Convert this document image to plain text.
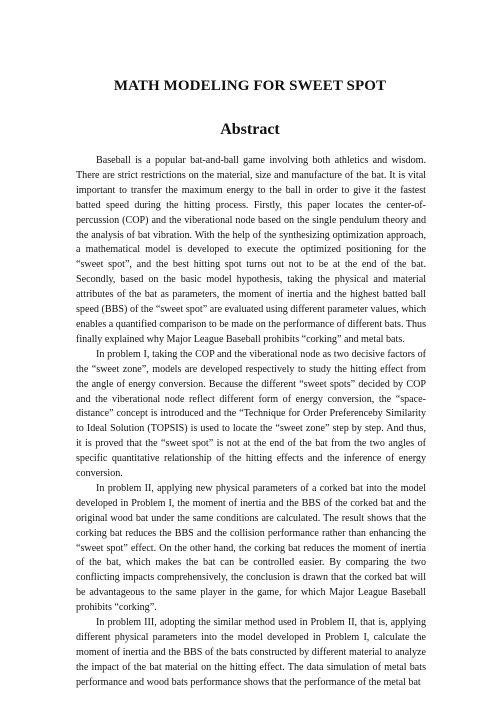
MATH MODELING FOR SWEET SPOT
Abstract

Baseball is a popular bat-and-ball game involving both athletics and wisdom. There are strict restrictions on the material, size and manufacture of the bat. It is vital important to transfer the maximum energy to the ball in order to give it the fastest batted speed during the hitting process. Firstly, this paper locates the center-of-percussion (COP) and the viberational node based on the single pendulum theory and the analysis of bat vibration. With the help of the synthesizing optimization approach, a mathematical model is developed to execute the optimized positioning for the “sweet spot”, and the best hitting spot turns out not to be at the end of the bat. Secondly, based on the basic model hypothesis, taking the physical and material attributes of the bat as parameters, the moment of inertia and the highest batted ball speed (BBS) of the “sweet spot” are evaluated using different parameter values, which enables a quantified comparison to be made on the performance of different bats. Thus finally explained why Major League Baseball prohibits “corking” and metal bats.

In problem I, taking the COP and the viberational node as two decisive factors of the “sweet zone”, models are developed respectively to study the hitting effect from the angle of energy conversion. Because the different “sweet spots” decided by COP and the viberational node reflect different form of energy conversion, the “space-distance” concept is introduced and the “Technique for Order Preferenceby Similarity to Ideal Solution (TOPSIS) is used to locate the “sweet zone” step by step. And thus, it is proved that the “sweet spot” is not at the end of the bat from the two angles of specific quantitative relationship of the hitting effects and the inference of energy conversion.

In problem II, applying new physical parameters of a corked bat into the model developed in Problem I, the moment of inertia and the BBS of the corked bat and the original wood bat under the same conditions are calculated. The result shows that the corking bat reduces the BBS and the collision performance rather than enhancing the “sweet spot” effect. On the other hand, the corking bat reduces the moment of inertia of the bat, which makes the bat can be controlled easier. By comparing the two conflicting impacts comprehensively, the conclusion is drawn that the corked bat will be advantageous to the same player in the game, for which Major League Baseball prohibits “corking”.

In problem III, adopting the similar method used in Problem II, that is, applying different physical parameters into the model developed in Problem I, calculate the moment of inertia and the BBS of the bats constructed by different material to analyze the impact of the bat material on the hitting effect. The data simulation of metal bats performance and wood bats performance shows that the performance of the metal bat
